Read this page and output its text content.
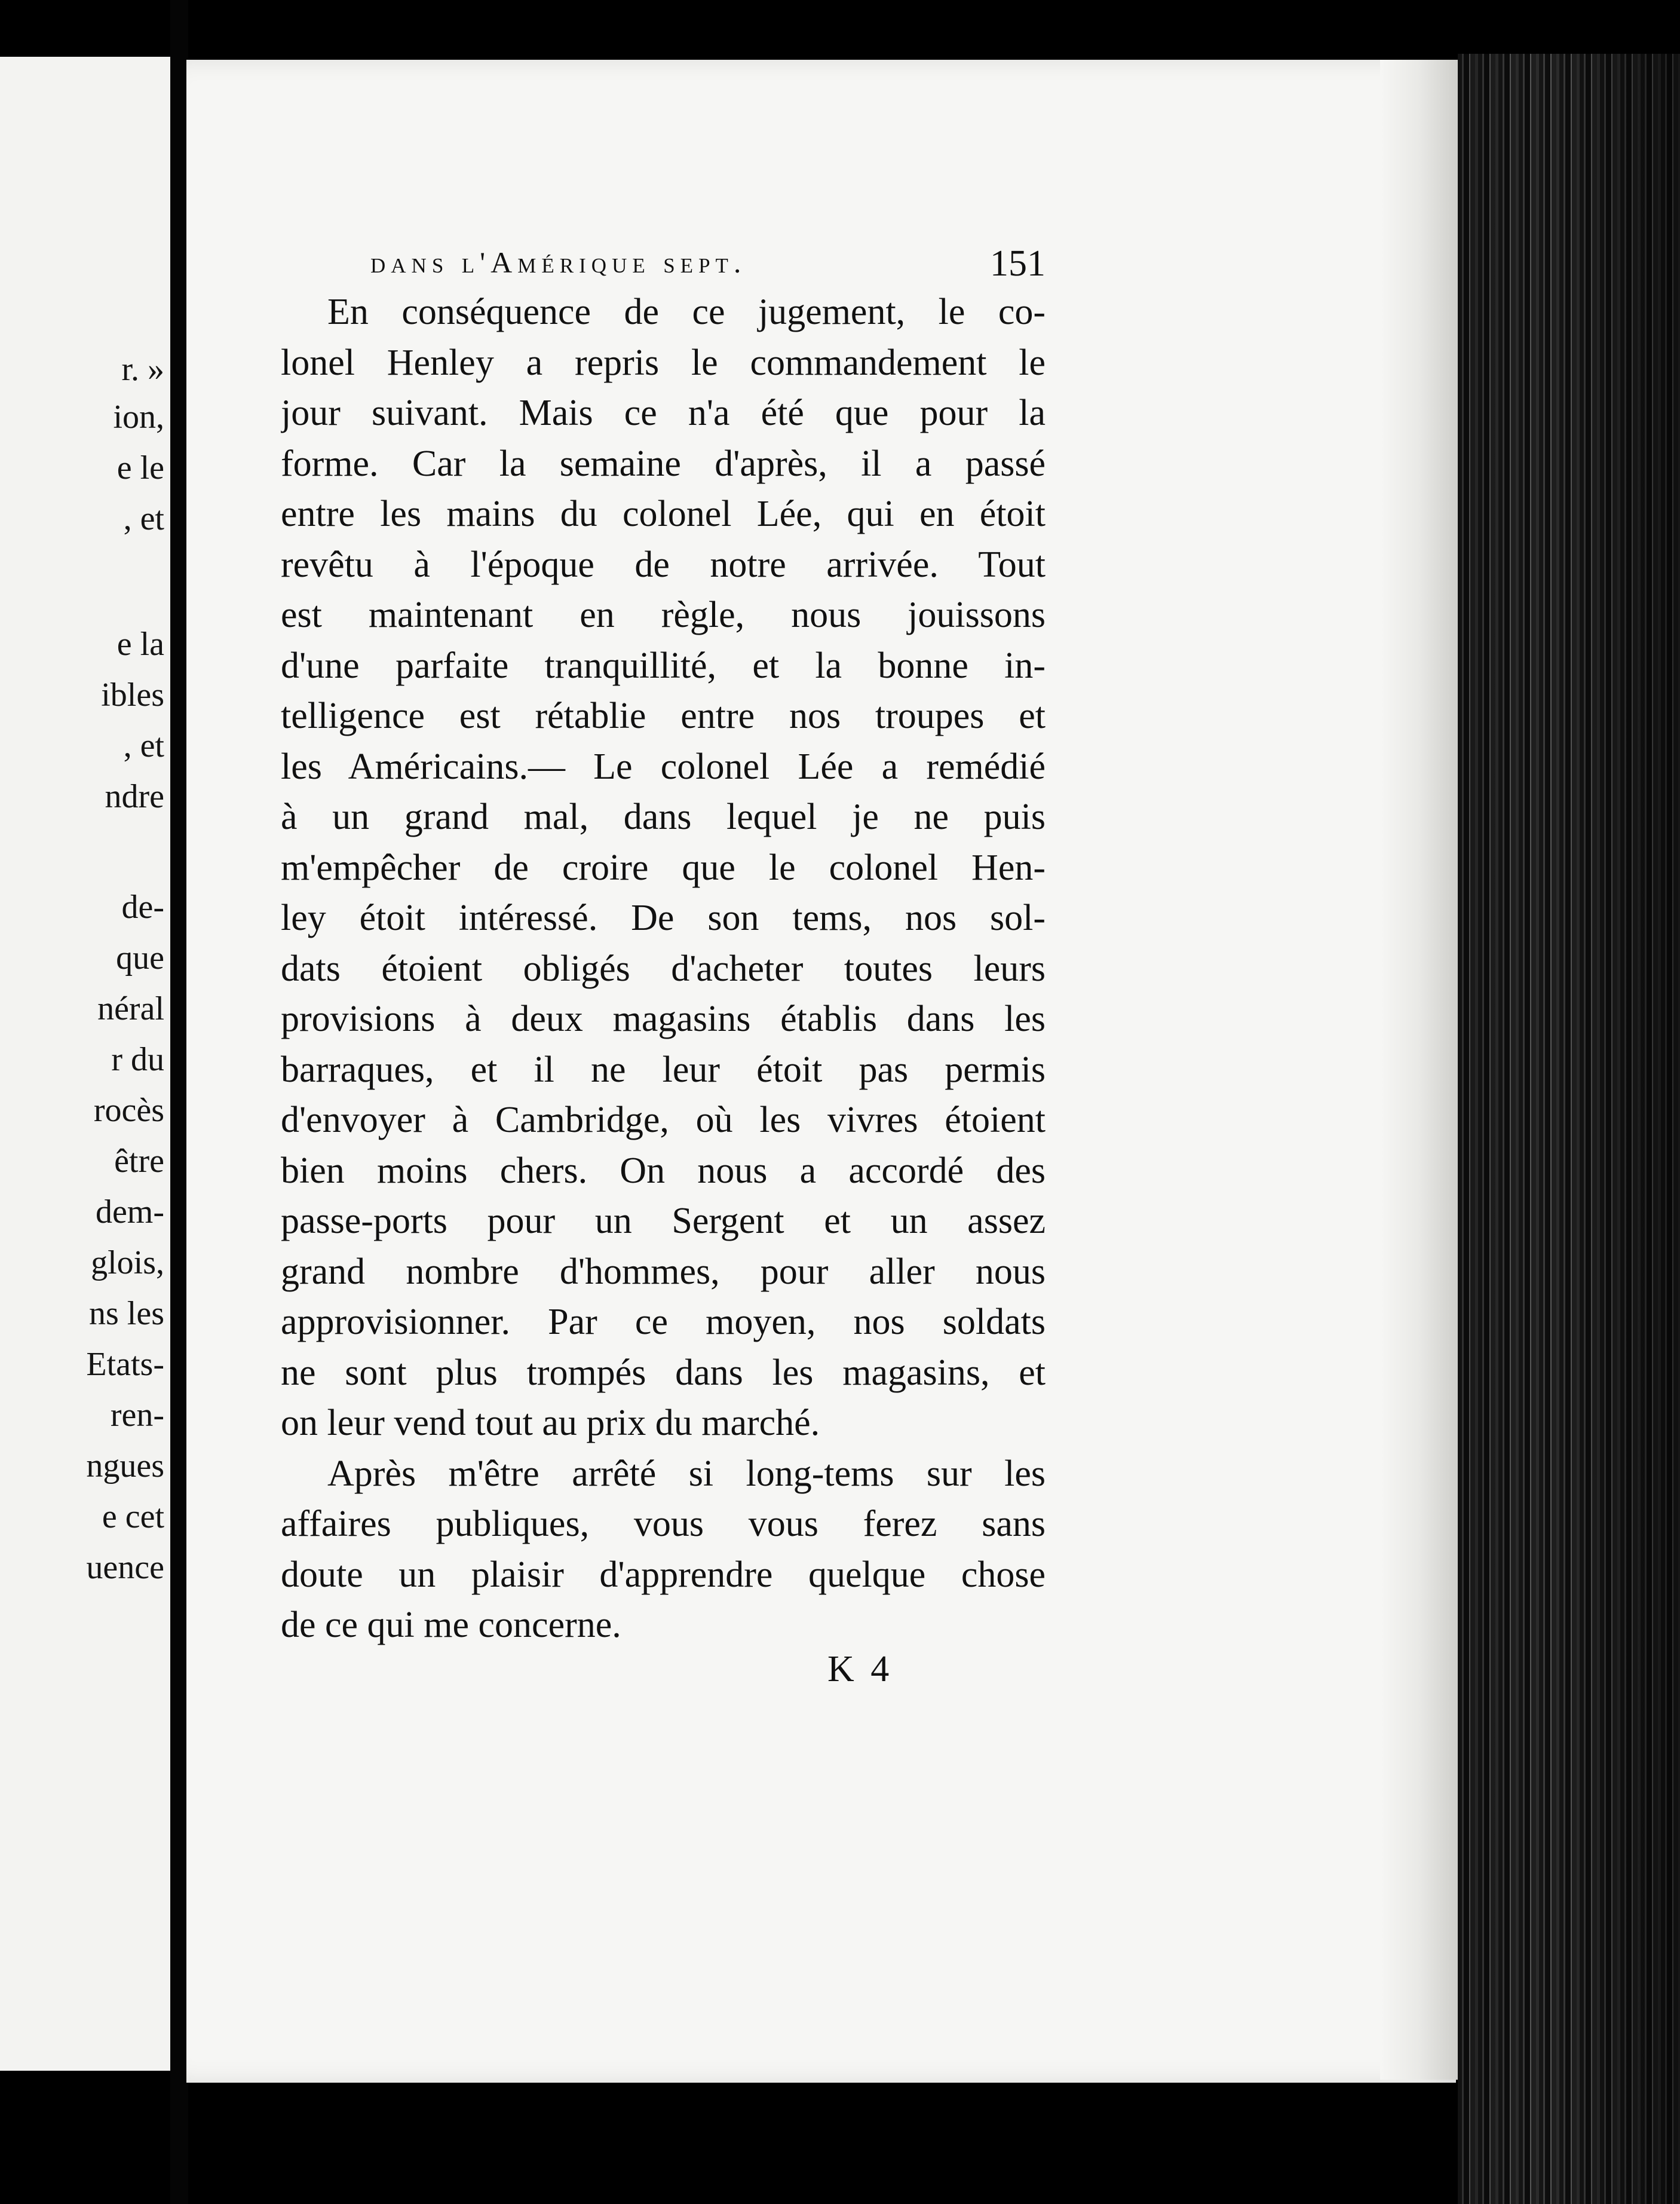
r. »
ion,
e le
, et
e la
ibles
, et
ndre
de-
que
néral
r du
rocès
être
dem-
glois,
ns les
Etats-
ren-
ngues
e cet
uence
dans l'Amérique sept.	151
En conséquence de ce jugement, le co-
lonel Henley a repris le commandement le
jour suivant. Mais ce n'a été que pour la
forme. Car la semaine d'après, il a passé
entre les mains du colonel Lée, qui en étoit
revêtu à l'époque de notre arrivée. Tout
est maintenant en règle, nous jouissons
d'une parfaite tranquillité, et la bonne in-
telligence est rétablie entre nos troupes et
les Américains.— Le colonel Lée a remédié
à un grand mal, dans lequel je ne puis
m'empêcher de croire que le colonel Hen-
ley étoit intéressé. De son tems, nos sol-
dats étoient obligés d'acheter toutes leurs
provisions à deux magasins établis dans les
barraques, et il ne leur étoit pas permis
d'envoyer à Cambridge, où les vivres étoient
bien moins chers. On nous a accordé des
passe-ports pour un Sergent et un assez
grand nombre d'hommes, pour aller nous
approvisionner. Par ce moyen, nos soldats
ne sont plus trompés dans les magasins, et
on leur vend tout au prix du marché.
Après m'être arrêté si long-tems sur les
affaires publiques, vous vous ferez sans
doute un plaisir d'apprendre quelque chose
de ce qui me concerne.
K 4
